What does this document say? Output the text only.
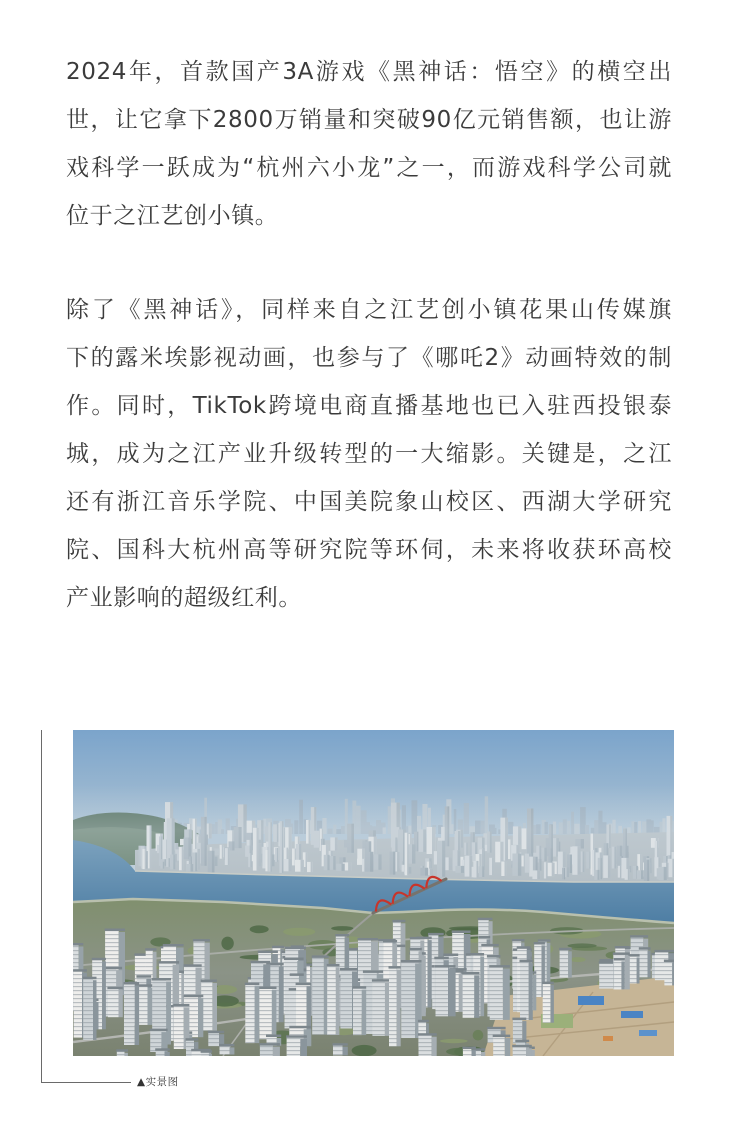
2024年，首款国产3A游戏《黑神话：悟空》的横空出
世，让它拿下2800万销量和突破90亿元销售额，也让游
戏科学一跃成为“杭州六小龙”之一，而游戏科学公司就
位于之江艺创小镇。
除了《黑神话》，同样来自之江艺创小镇花果山传媒旗
下的露米埃影视动画，也参与了《哪吒2》动画特效的制
作。同时，TikTok跨境电商直播基地也已入驻西投银泰
城，成为之江产业升级转型的一大缩影。关键是，之江
还有浙江音乐学院、中国美院象山校区、西湖大学研究
院、国科大杭州高等研究院等环伺，未来将收获环高校
产业影响的超级红利。
▲实景图
